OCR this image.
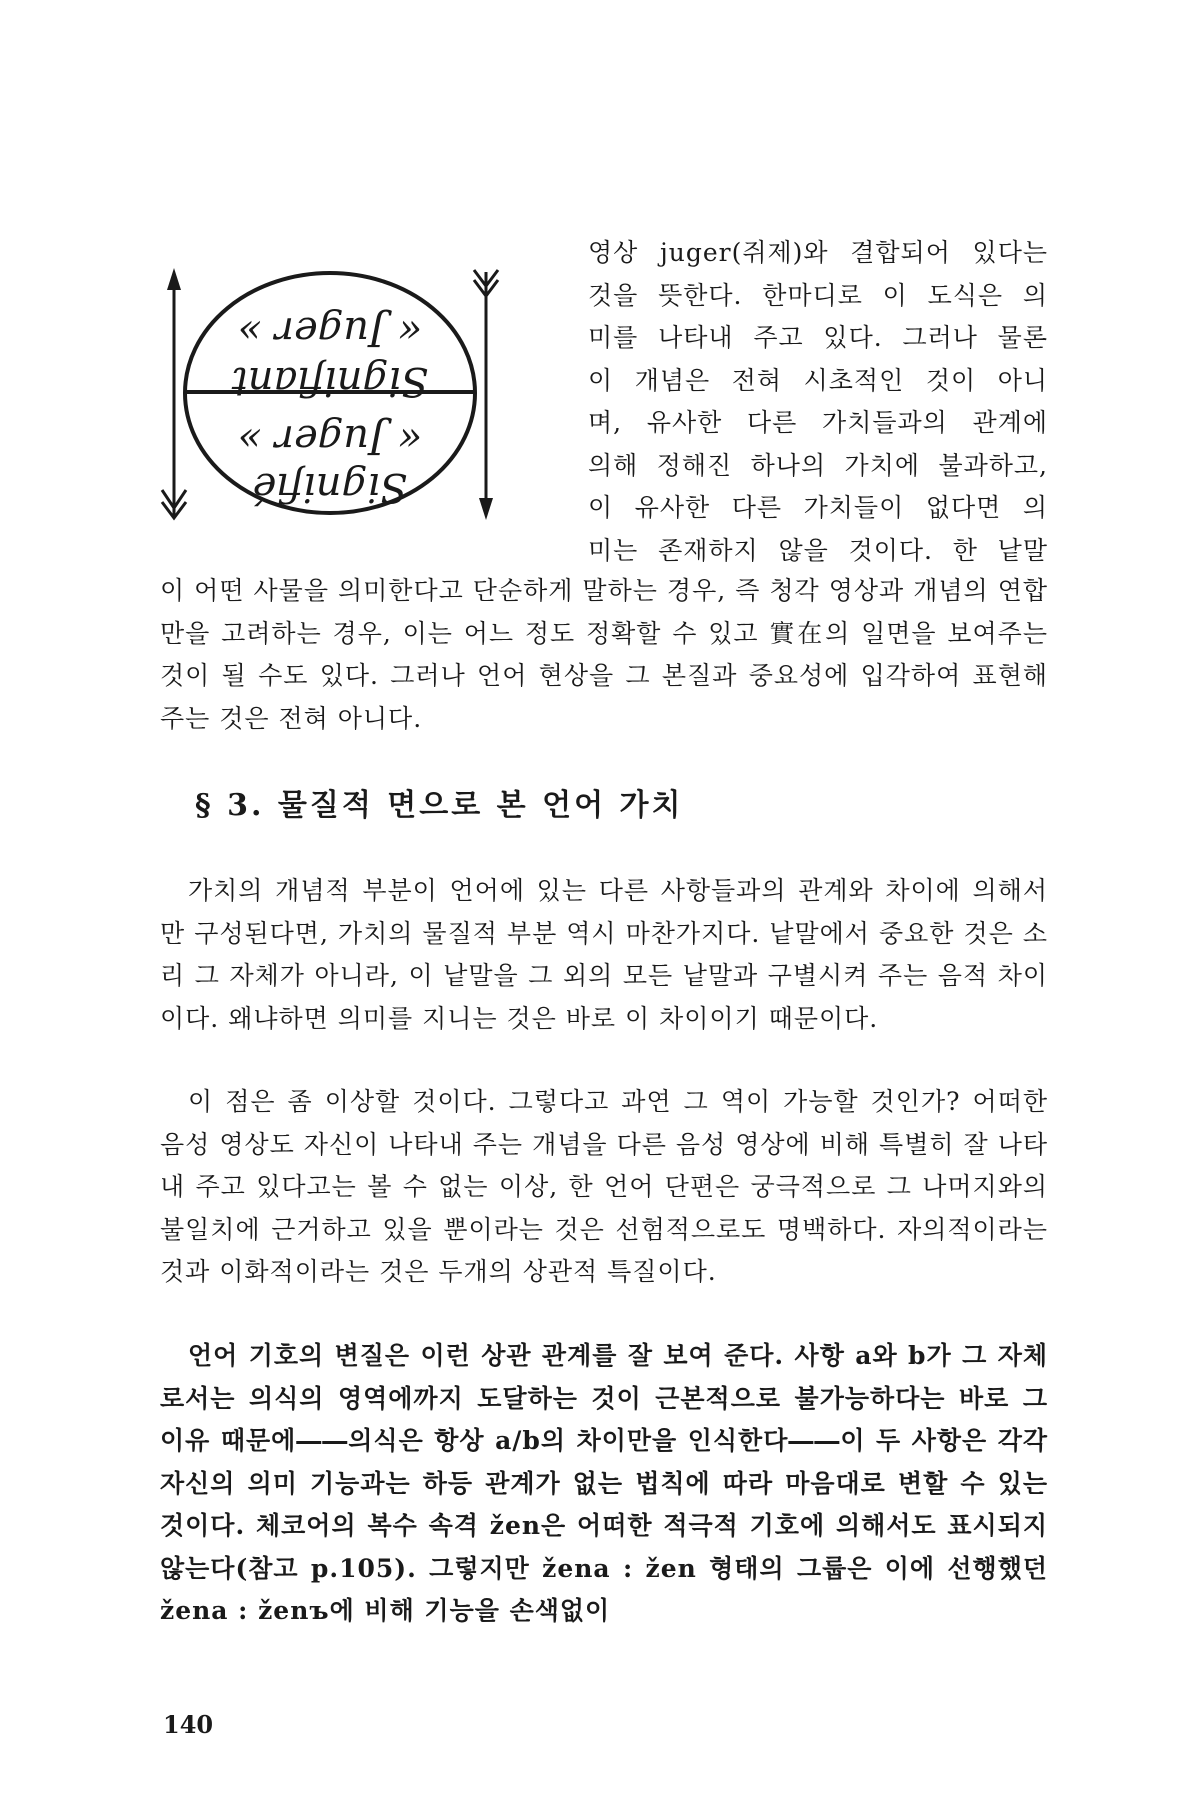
« Juger »
Signifiant
« Juger »
Signifié

영상 juger(쥐제)와 결합되어 있다는

것을 뜻한다. 한마디로 이 도식은 의

미를 나타내 주고 있다. 그러나 물론

이 개념은 전혀 시초적인 것이 아니

며, 유사한 다른 가치들과의 관계에

의해 정해진 하나의 가치에 불과하고,

이 유사한 다른 가치들이 없다면 의

미는 존재하지 않을 것이다. 한 낱말

이 어떤 사물을 의미한다고 단순하게 말하는 경우, 즉 청각 영상과 개념의 연합만을 고려하는 경우, 이는 어느 정도 정확할 수 있고 實在의 일면을 보여주는 것이 될 수도 있다. 그러나 언어 현상을 그 본질과 중요성에 입각하여 표현해 주는 것은 전혀 아니다.

§ 3. 물질적 면으로 본 언어 가치

가치의 개념적 부분이 언어에 있는 다른 사항들과의 관계와 차이에 의해서만 구성된다면, 가치의 물질적 부분 역시 마찬가지다. 낱말에서 중요한 것은 소리 그 자체가 아니라, 이 낱말을 그 외의 모든 낱말과 구별시켜 주는 음적 차이이다. 왜냐하면 의미를 지니는 것은 바로 이 차이이기 때문이다.

이 점은 좀 이상할 것이다. 그렇다고 과연 그 역이 가능할 것인가? 어떠한 음성 영상도 자신이 나타내 주는 개념을 다른 음성 영상에 비해 특별히 잘 나타내 주고 있다고는 볼 수 없는 이상, 한 언어 단편은 궁극적으로 그 나머지와의 불일치에 근거하고 있을 뿐이라는 것은 선험적으로도 명백하다. 자의적이라는 것과 이화적이라는 것은 두개의 상관적 특질이다.

언어 기호의 변질은 이런 상관 관계를 잘 보여 준다. 사항 a와 b가 그 자체로서는 의식의 영역에까지 도달하는 것이 근본적으로 불가능하다는 바로 그 이유 때문에――의식은 항상 a/b의 차이만을 인식한다――이 두 사항은 각각 자신의 의미 기능과는 하등 관계가 없는 법칙에 따라 마음대로 변할 수 있는 것이다. 체코어의 복수 속격 žen은 어떠한 적극적 기호에 의해서도 표시되지 않는다(참고 p.105). 그렇지만 žena : žen 형태의 그룹은 이에 선행했던 žena : ženъ에 비해 기능을 손색없이

140
